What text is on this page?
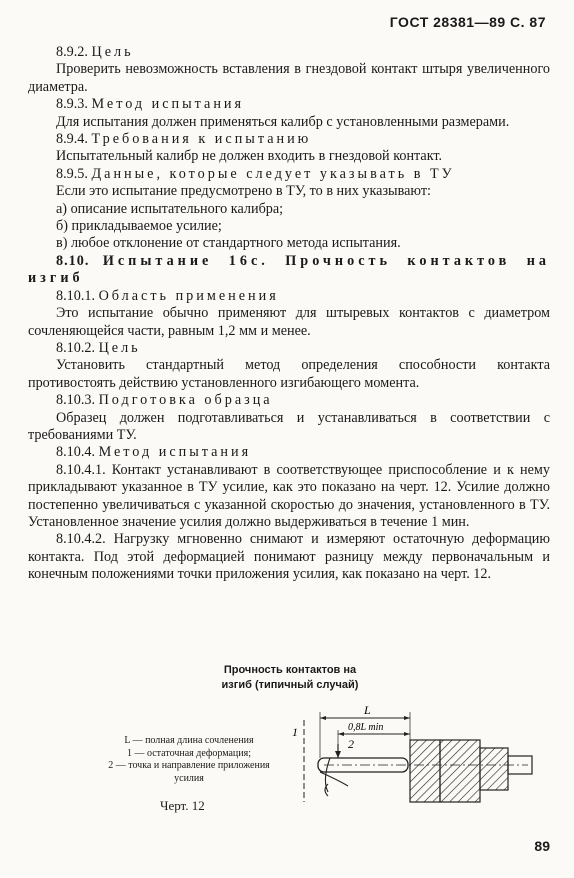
ГОСТ 28381—89 С. 87

8.9.2. Цель

Проверить невозможность вставления в гнездовой контакт штыря увеличенного диаметра.

8.9.3. Метод испытания

Для испытания должен применяться калибр с установленными размерами.

8.9.4. Требования к испытанию

Испытательный калибр не должен входить в гнездовой контакт.

8.9.5. Данные, которые следует указывать в ТУ

Если это испытание предусмотрено в ТУ, то в них указывают:

а) описание испытательного калибра;

б) прикладываемое усилие;

в) любое отклонение от стандартного метода испытания.

8.10. Испытание 16с. Прочность контактов на изгиб

8.10.1. Область применения

Это испытание обычно применяют для штыревых контактов с диаметром сочленяющейся части, равным 1,2 мм и менее.

8.10.2. Цель

Установить стандартный метод определения способности контакта противостоять действию установленного изгибающего момента.

8.10.3. Подготовка образца

Образец должен подготавливаться и устанавливаться в соответствии с требованиями ТУ.

8.10.4. Метод испытания

8.10.4.1. Контакт устанавливают в соответствующее приспособление и к нему прикладывают указанное в ТУ усилие, как это показано на черт. 12. Усилие должно постепенно увеличиваться с указанной скоростью до значения, установленного в ТУ. Установленное значение усилия должно выдерживаться в течение 1 мин.

8.10.4.2. Нагрузку мгновенно снимают и измеряют остаточную деформацию контакта. Под этой деформацией понимают разницу между первоначальным и конечным положениями точки приложения усилия, как показано на черт. 12.

Прочность контактов на
изгиб (типичный случай)
L — полная длина сочленения
1 — остаточная деформация;
2 — точка и направление приложения усилия
Черт. 12
L
0,8L min
2
1
89
